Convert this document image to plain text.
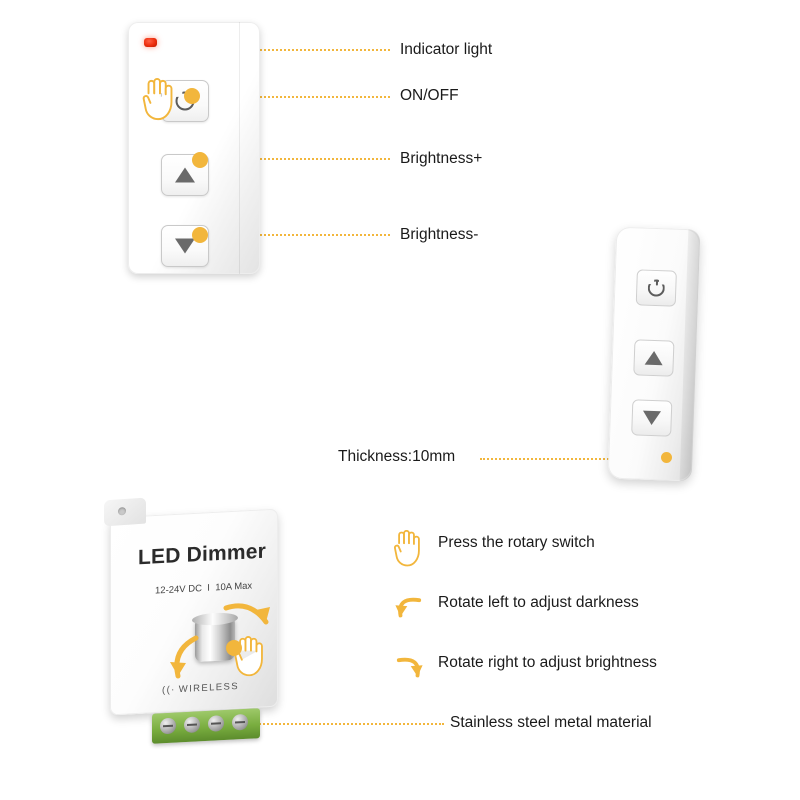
Indicator light
ON/OFF
Brightness+
Brightness-
Thickness:10mm
Stainless steel metal material
LED Dimmer
12-24V DC  I  10A Max
((· WIRELESS
Press the rotary switch
Rotate left to adjust darkness
Rotate right to adjust brightness
